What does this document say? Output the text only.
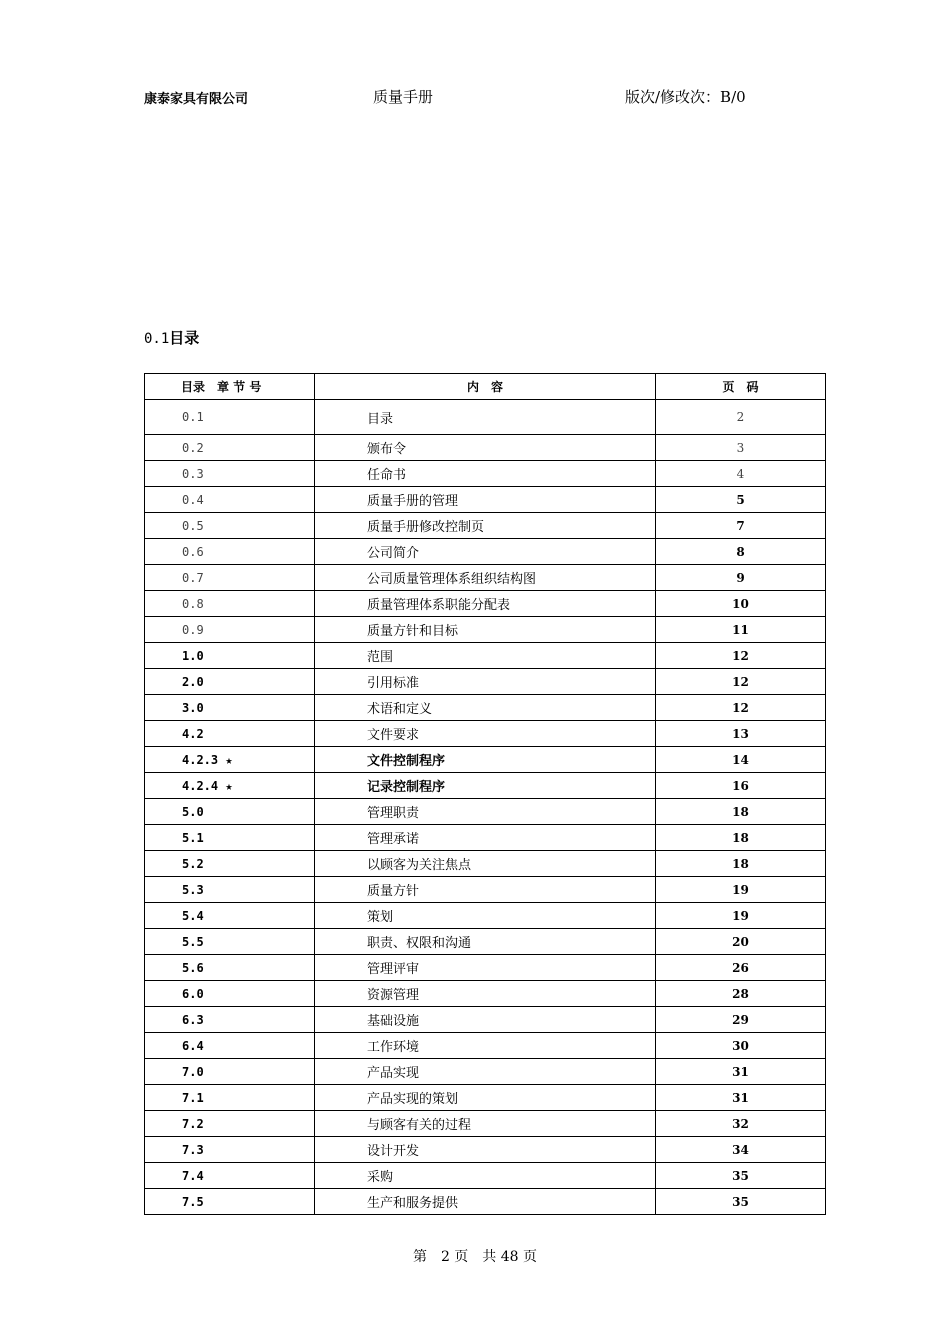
康泰家具有限公司	质量手册	版次/修改次：B/0
0.1目录
目录　章 节 号	内　容	页　码
0.1	目录	2
0.2	颁布令	3
0.3	任命书	4
0.4	质量手册的管理	5
0.5	质量手册修改控制页	7
0.6	公司简介	8
0.7	公司质量管理体系组织结构图	9
0.8	质量管理体系职能分配表	10
0.9	质量方针和目标	11
1.0	范围	12
2.0	引用标准	12
3.0	术语和定义	12
4.2	文件要求	13
4.2.3 ★	文件控制程序	14
4.2.4 ★	记录控制程序	16
5.0	管理职责	18
5.1	管理承诺	18
5.2	以顾客为关注焦点	18
5.3	质量方针	19
5.4	策划	19
5.5	职责、权限和沟通	20
5.6	管理评审	26
6.0	资源管理	28
6.3	基础设施	29
6.4	工作环境	30
7.0	产品实现	31
7.1	产品实现的策划	31
7.2	与顾客有关的过程	32
7.3	设计开发	34
7.4	采购	35
7.5	生产和服务提供	35
第　2 页　共 48 页
